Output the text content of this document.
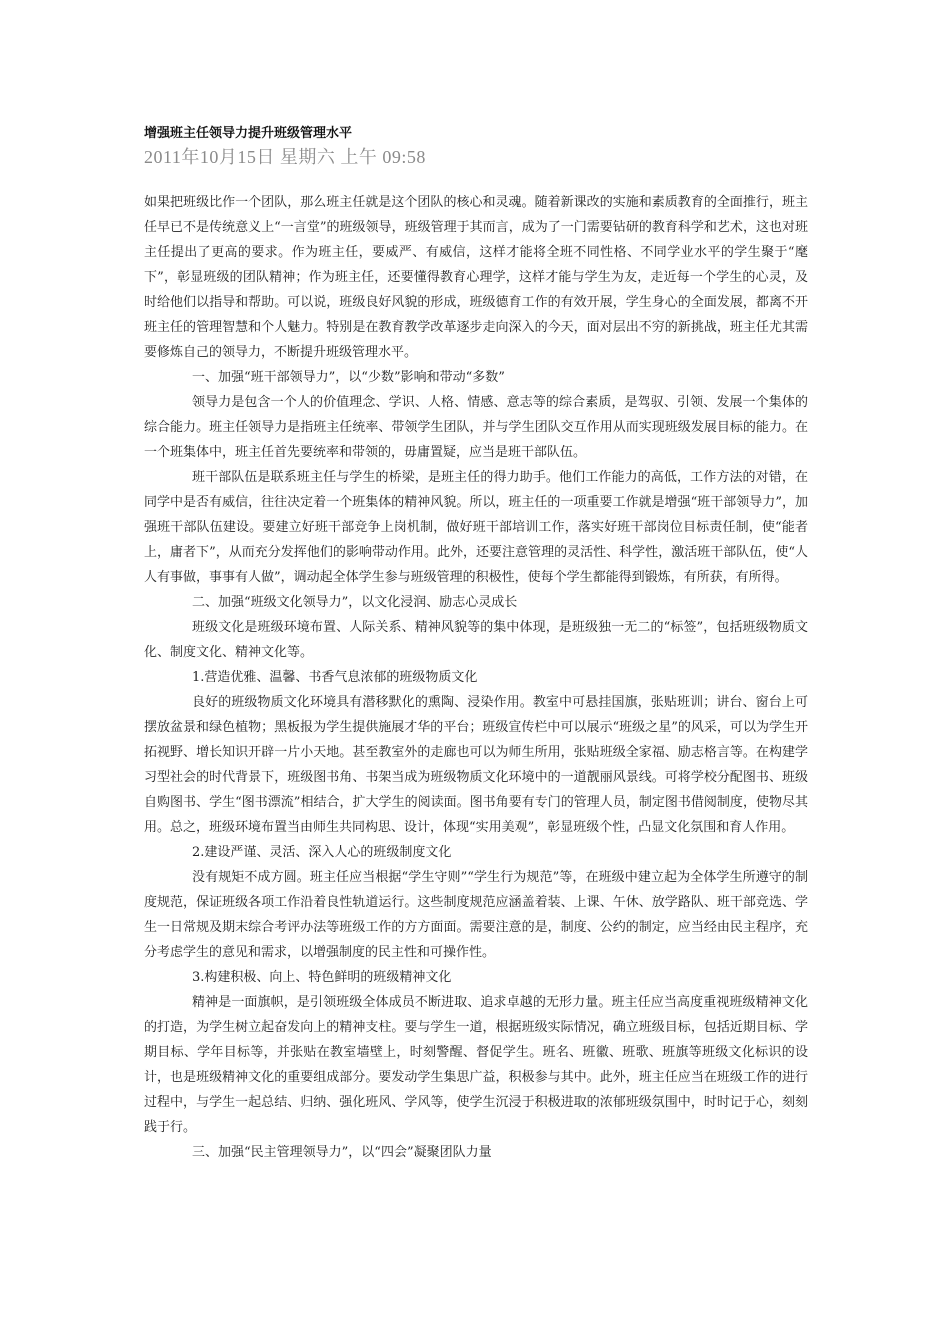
增强班主任领导力提升班级管理水平
2011年10月15日 星期六 上午 09:58

如果把班级比作一个团队，那么班主任就是这个团队的核心和灵魂。随着新课改的实施和素质教育的全面推行，班主任早已不是传统意义上“一言堂”的班级领导，班级管理于其而言，成为了一门需要钻研的教育科学和艺术，这也对班主任提出了更高的要求。作为班主任，要威严、有威信，这样才能将全班不同性格、不同学业水平的学生聚于“麾下”，彰显班级的团队精神；作为班主任，还要懂得教育心理学，这样才能与学生为友，走近每一个学生的心灵，及时给他们以指导和帮助。可以说，班级良好风貌的形成，班级德育工作的有效开展，学生身心的全面发展，都离不开班主任的管理智慧和个人魅力。特别是在教育教学改革逐步走向深入的今天，面对层出不穷的新挑战，班主任尤其需要修炼自己的领导力，不断提升班级管理水平。

一、加强“班干部领导力”，以“少数”影响和带动“多数”

领导力是包含一个人的价值理念、学识、人格、情感、意志等的综合素质，是驾驭、引领、发展一个集体的综合能力。班主任领导力是指班主任统率、带领学生团队，并与学生团队交互作用从而实现班级发展目标的能力。在一个班集体中，班主任首先要统率和带领的，毋庸置疑，应当是班干部队伍。

班干部队伍是联系班主任与学生的桥梁，是班主任的得力助手。他们工作能力的高低，工作方法的对错，在同学中是否有威信，往往决定着一个班集体的精神风貌。所以，班主任的一项重要工作就是增强“班干部领导力”，加强班干部队伍建设。要建立好班干部竞争上岗机制，做好班干部培训工作，落实好班干部岗位目标责任制，使“能者上，庸者下”，从而充分发挥他们的影响带动作用。此外，还要注意管理的灵活性、科学性，激活班干部队伍，使“人人有事做，事事有人做”，调动起全体学生参与班级管理的积极性，使每个学生都能得到锻炼，有所获，有所得。

二、加强“班级文化领导力”，以文化浸润、励志心灵成长

班级文化是班级环境布置、人际关系、精神风貌等的集中体现，是班级独一无二的“标签”，包括班级物质文化、制度文化、精神文化等。

1.营造优雅、温馨、书香气息浓郁的班级物质文化

良好的班级物质文化环境具有潜移默化的熏陶、浸染作用。教室中可悬挂国旗，张贴班训；讲台、窗台上可摆放盆景和绿色植物；黑板报为学生提供施展才华的平台；班级宣传栏中可以展示“班级之星”的风采，可以为学生开拓视野、增长知识开辟一片小天地。甚至教室外的走廊也可以为师生所用，张贴班级全家福、励志格言等。在构建学习型社会的时代背景下，班级图书角、书架当成为班级物质文化环境中的一道靓丽风景线。可将学校分配图书、班级自购图书、学生“图书漂流”相结合，扩大学生的阅读面。图书角要有专门的管理人员，制定图书借阅制度，使物尽其用。总之，班级环境布置当由师生共同构思、设计，体现“实用美观”，彰显班级个性，凸显文化氛围和育人作用。

2.建设严谨、灵活、深入人心的班级制度文化

没有规矩不成方圆。班主任应当根据“学生守则”“学生行为规范”等，在班级中建立起为全体学生所遵守的制度规范，保证班级各项工作沿着良性轨道运行。这些制度规范应涵盖着装、上课、午休、放学路队、班干部竞选、学生一日常规及期末综合考评办法等班级工作的方方面面。需要注意的是，制度、公约的制定，应当经由民主程序，充分考虑学生的意见和需求，以增强制度的民主性和可操作性。

3.构建积极、向上、特色鲜明的班级精神文化

精神是一面旗帜，是引领班级全体成员不断进取、追求卓越的无形力量。班主任应当高度重视班级精神文化的打造，为学生树立起奋发向上的精神支柱。要与学生一道，根据班级实际情况，确立班级目标，包括近期目标、学期目标、学年目标等，并张贴在教室墙壁上，时刻警醒、督促学生。班名、班徽、班歌、班旗等班级文化标识的设计，也是班级精神文化的重要组成部分。要发动学生集思广益，积极参与其中。此外，班主任应当在班级工作的进行过程中，与学生一起总结、归纳、强化班风、学风等，使学生沉浸于积极进取的浓郁班级氛围中，时时记于心，刻刻践于行。

三、加强“民主管理领导力”，以“四会”凝聚团队力量
